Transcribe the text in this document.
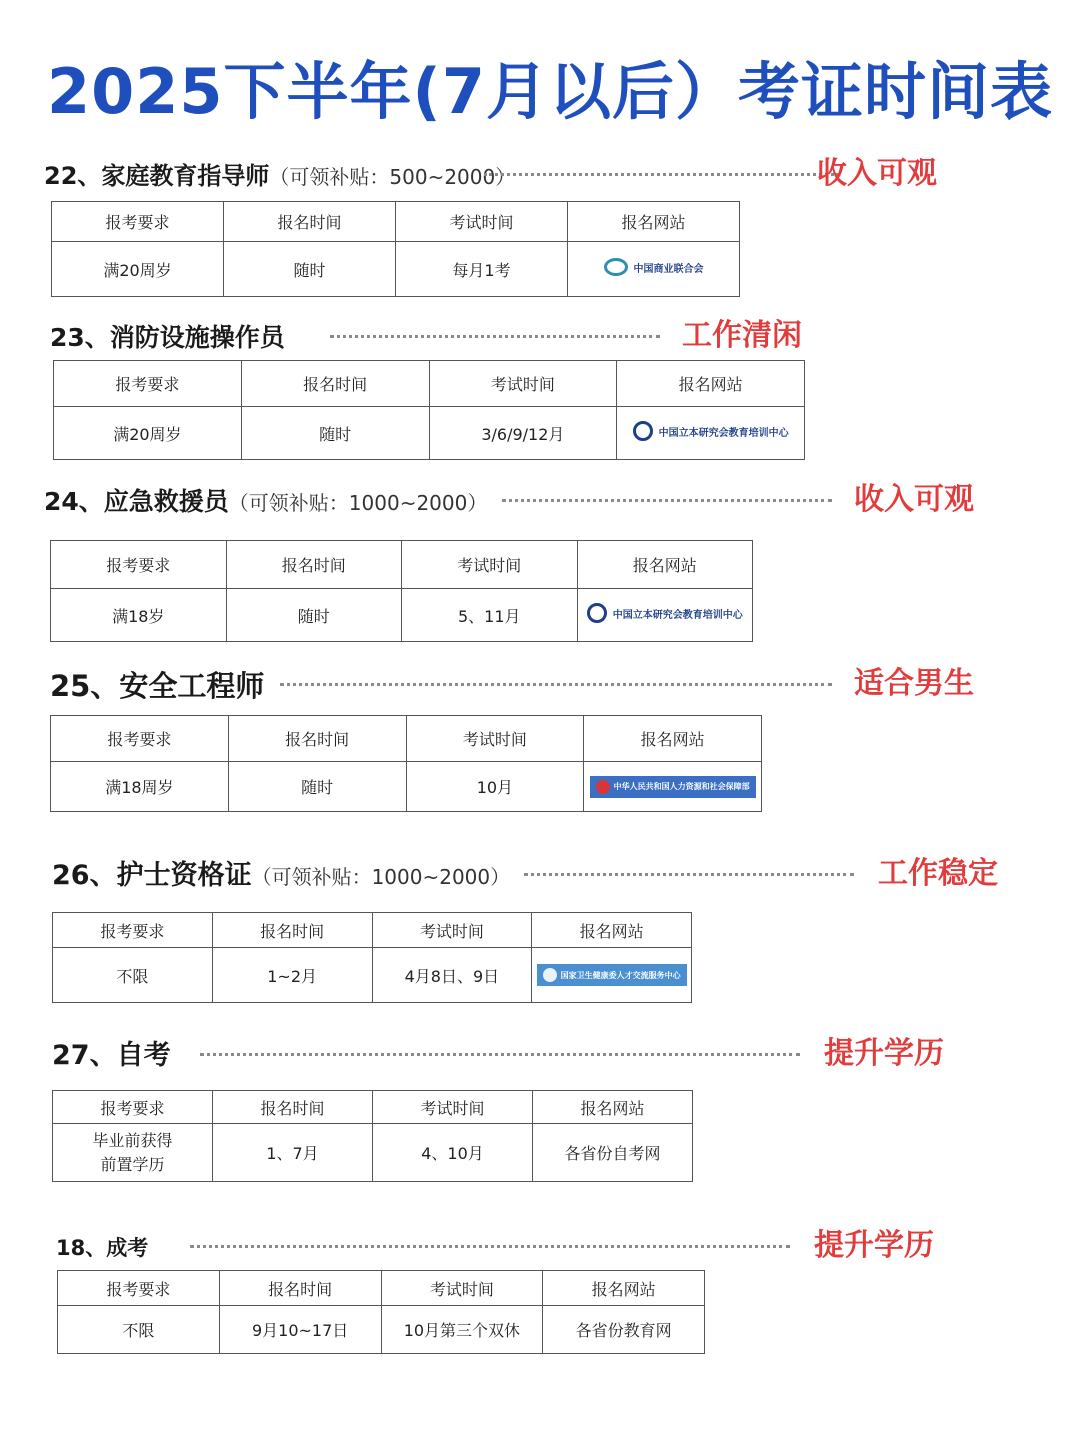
2025下半年(7月以后）考证时间表
22、家庭教育指导师（可领补贴：500~2000）	收入可观
报考要求	报名时间	考试时间	报名网站
满20周岁	随时	每月1考	中国商业联合会
23、消防设施操作员	工作清闲
报考要求	报名时间	考试时间	报名网站
满20周岁	随时	3/6/9/12月	中国立本研究会教育培训中心
24、应急救援员（可领补贴：1000~2000）	收入可观
报考要求	报名时间	考试时间	报名网站
满18岁	随时	5、11月	中国立本研究会教育培训中心
25、安全工程师	适合男生
报考要求	报名时间	考试时间	报名网站
满18周岁	随时	10月	中华人民共和国人力资源和社会保障部
26、护士资格证（可领补贴：1000~2000）	工作稳定
报考要求	报名时间	考试时间	报名网站
不限	1~2月	4月8日、9日	国家卫生健康委人才交流服务中心
27、自考	提升学历
报考要求	报名时间	考试时间	报名网站
毕业前获得
前置学历	1、7月	4、10月	各省份自考网
18、成考	提升学历
报考要求	报名时间	考试时间	报名网站
不限	9月10~17日	10月第三个双休	各省份教育网
